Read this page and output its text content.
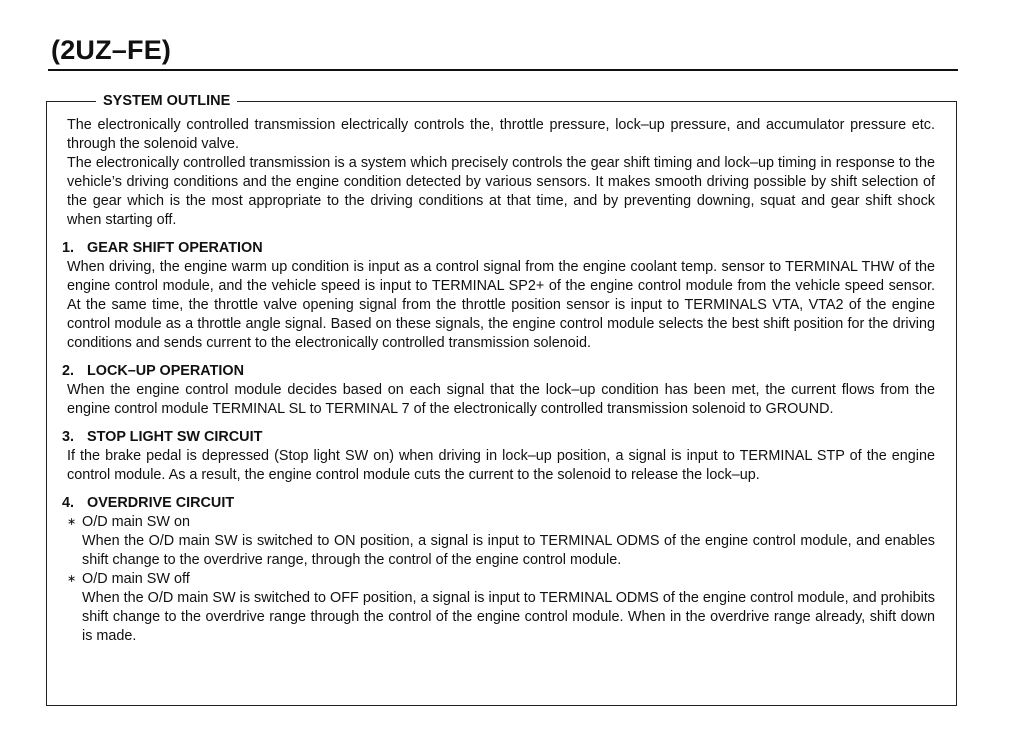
(2UZ–FE)
SYSTEM OUTLINE

The electronically controlled transmission electrically controls the, throttle pressure, lock–up pressure, and accumulator pressure etc. through the solenoid valve.

The electronically controlled transmission is a system which precisely controls the gear shift timing and lock–up timing in response to the vehicle’s driving conditions and the engine condition detected by various sensors. It makes smooth driving possible by shift selection of the gear which is the most appropriate to the driving conditions at that time, and by preventing downing, squat and gear shift shock when starting off.

1. GEAR SHIFT OPERATION

When driving, the engine warm up condition is input as a control signal from the engine coolant temp. sensor to TERMINAL THW of the engine control module, and the vehicle speed is input to TERMINAL SP2+ of the engine control module from the vehicle speed sensor. At the same time, the throttle valve opening signal from the throttle position sensor is input to TERMINALS VTA, VTA2 of the engine control module as a throttle angle signal. Based on these signals, the engine control module selects the best shift position for the driving conditions and sends current to the electronically controlled transmission solenoid.

2. LOCK–UP OPERATION

When the engine control module decides based on each signal that the lock–up condition has been met, the current flows from the engine control module TERMINAL SL to TERMINAL 7 of the electronically controlled transmission solenoid to GROUND.

3. STOP LIGHT SW CIRCUIT

If the brake pedal is depressed (Stop light SW on) when driving in lock–up position, a signal is input to TERMINAL STP of the engine control module. As a result, the engine control module cuts the current to the solenoid to release the lock–up.

4. OVERDRIVE CIRCUIT
∗ O/D main SW on

When the O/D main SW is switched to ON position, a signal is input to TERMINAL ODMS of the engine control module, and enables shift change to the overdrive range, through the control of the engine control module.

∗ O/D main SW off

When the O/D main SW is switched to OFF position, a signal is input to TERMINAL ODMS of the engine control module, and prohibits shift change to the overdrive range through the control of the engine control module. When in the overdrive range already, shift down is made.
